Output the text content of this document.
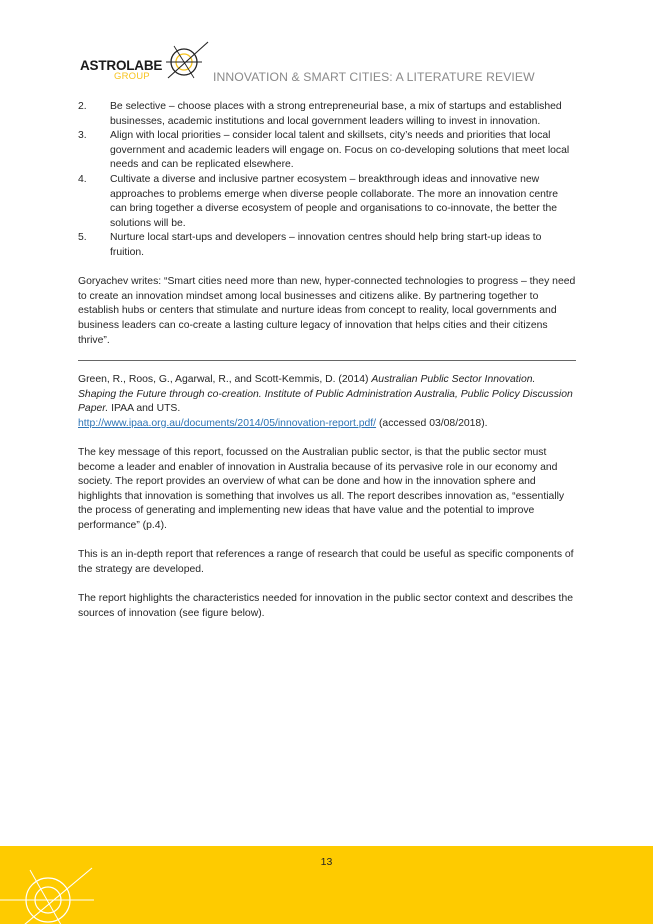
ASTROLABE
GROUP	INNOVATION & SMART CITIES: A LITERATURE REVIEW
2. Be selective – choose places with a strong entrepreneurial base, a mix of startups and established businesses, academic institutions and local government leaders willing to invest in innovation.
3. Align with local priorities – consider local talent and skillsets, city’s needs and priorities that local government and academic leaders will engage on. Focus on co-developing solutions that meet local needs and can be replicated elsewhere.
4. Cultivate a diverse and inclusive partner ecosystem – breakthrough ideas and innovative new approaches to problems emerge when diverse people collaborate. The more an innovation centre can bring together a diverse ecosystem of people and organisations to co-innovate, the better the solutions will be.
5. Nurture local start-ups and developers – innovation centres should help bring start-up ideas to fruition.

Goryachev writes: “Smart cities need more than new, hyper-connected technologies to progress – they need to create an innovation mindset among local businesses and citizens alike. By partnering together to establish hubs or centers that stimulate and nurture ideas from concept to reality, local governments and business leaders can co-create a lasting culture legacy of innovation that helps cities and their citizens thrive”.

Green, R., Roos, G., Agarwal, R., and Scott-Kemmis, D. (2014) Australian Public Sector Innovation. Shaping the Future through co-creation. Institute of Public Administration Australia, Public Policy Discussion Paper. IPAA and UTS.
http://www.ipaa.org.au/documents/2014/05/innovation-report.pdf/ (accessed 03/08/2018).

The key message of this report, focussed on the Australian public sector, is that the public sector must become a leader and enabler of innovation in Australia because of its pervasive role in our economy and society. The report provides an overview of what can be done and how in the innovation sphere and highlights that innovation is something that involves us all. The report describes innovation as, “essentially the process of generating and implementing new ideas that have value and the potential to improve performance” (p.4).

This is an in-depth report that references a range of research that could be useful as specific components of the strategy are developed.

The report highlights the characteristics needed for innovation in the public sector context and describes the sources of innovation (see figure below).

13
